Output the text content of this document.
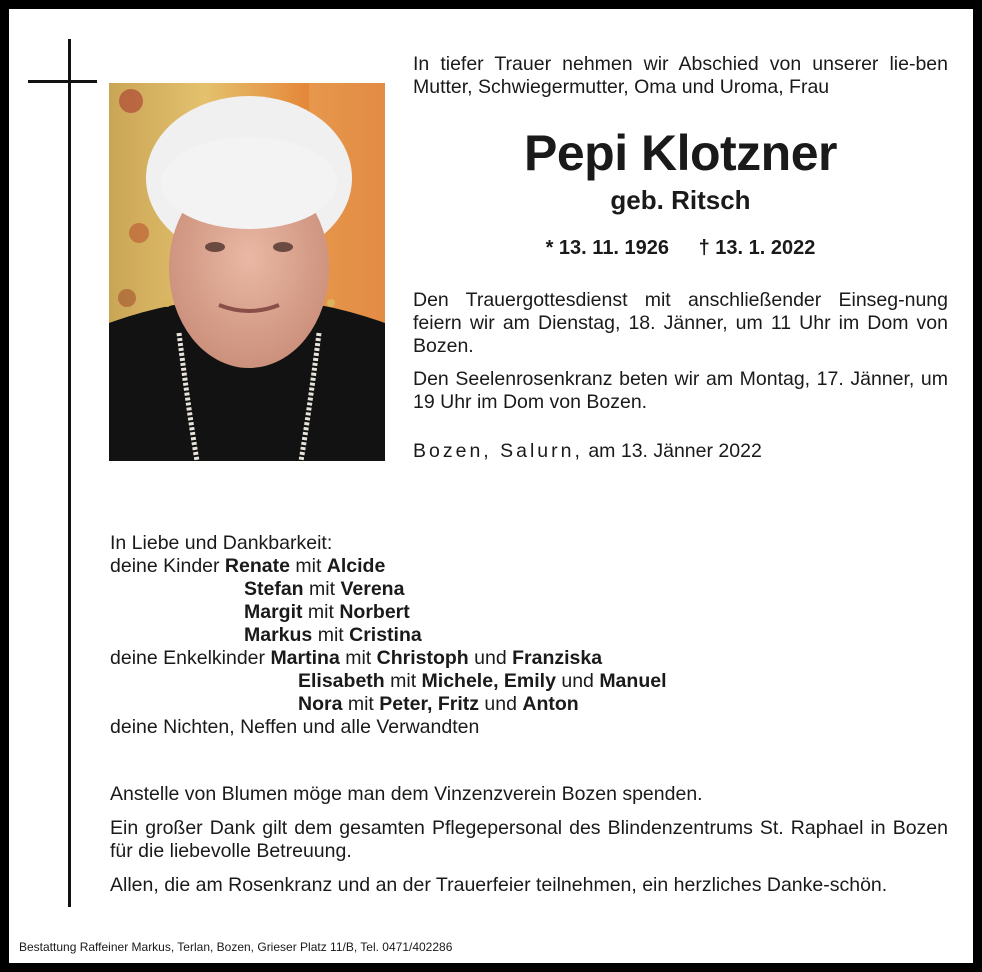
In tiefer Trauer nehmen wir Abschied von unserer lie-ben Mutter, Schwiegermutter, Oma und Uroma, Frau

Pepi Klotzner
geb. Ritsch
* 13. 11. 1926 † 13. 1. 2022

Den Trauergottesdienst mit anschließender Einseg-nung feiern wir am Dienstag, 18. Jänner, um 11 Uhr im Dom von Bozen.

Den Seelenrosenkranz beten wir am Montag, 17. Jänner, um 19 Uhr im Dom von Bozen.

Bozen, Salurn, am 13. Jänner 2022

In Liebe und Dankbarkeit:
deine Kinder Renate mit Alcide
Stefan mit Verena
Margit mit Norbert
Markus mit Cristina
deine Enkelkinder Martina mit Christoph und Franziska
Elisabeth mit Michele, Emily und Manuel
Nora mit Peter, Fritz und Anton
deine Nichten, Neffen und alle Verwandten

Anstelle von Blumen möge man dem Vinzenzverein Bozen spenden.

Ein großer Dank gilt dem gesamten Pflegepersonal des Blindenzentrums St. Raphael in Bozen für die liebevolle Betreuung.

Allen, die am Rosenkranz und an der Trauerfeier teilnehmen, ein herzliches Danke-schön.

Bestattung Raffeiner Markus, Terlan, Bozen, Grieser Platz 11/B, Tel. 0471/402286
